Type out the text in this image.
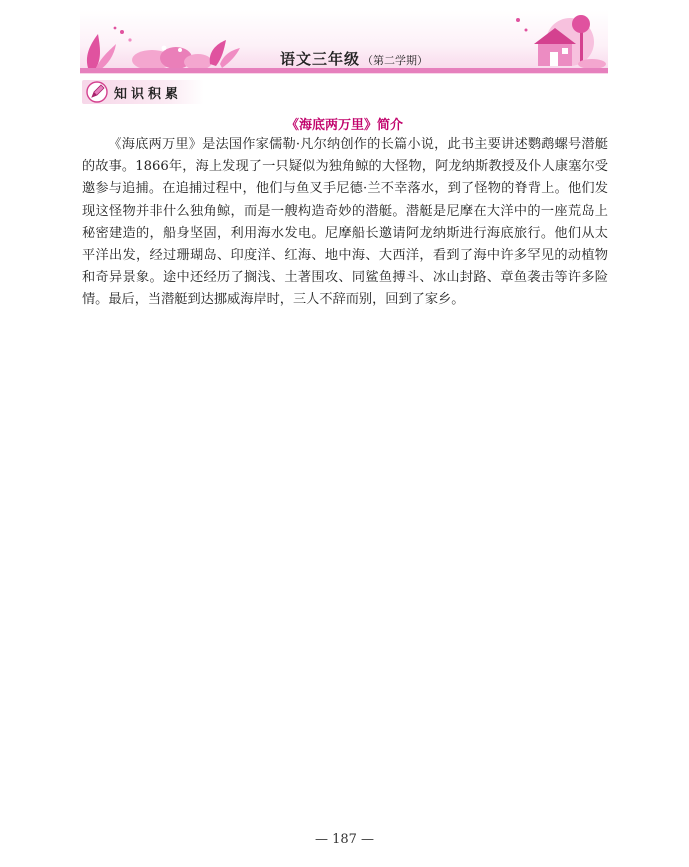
语文三年级 （第二学期）
知识积累
《海底两万里》简介

《海底两万里》是法国作家儒勒·凡尔纳创作的长篇小说，此书主要讲述鹦鹉螺号潜艇的故事。1866年，海上发现了一只疑似为独角鲸的大怪物，阿龙纳斯教授及仆人康塞尔受邀参与追捕。在追捕过程中，他们与鱼叉手尼德·兰不幸落水，到了怪物的脊背上。他们发现这怪物并非什么独角鲸，而是一艘构造奇妙的潜艇。潜艇是尼摩在大洋中的一座荒岛上秘密建造的，船身坚固，利用海水发电。尼摩船长邀请阿龙纳斯进行海底旅行。他们从太平洋出发，经过珊瑚岛、印度洋、红海、地中海、大西洋，看到了海中许多罕见的动植物和奇异景象。途中还经历了搁浅、土著围攻、同鲨鱼搏斗、冰山封路、章鱼袭击等许多险情。最后，当潜艇到达挪威海岸时，三人不辞而别，回到了家乡。

— 187 —
